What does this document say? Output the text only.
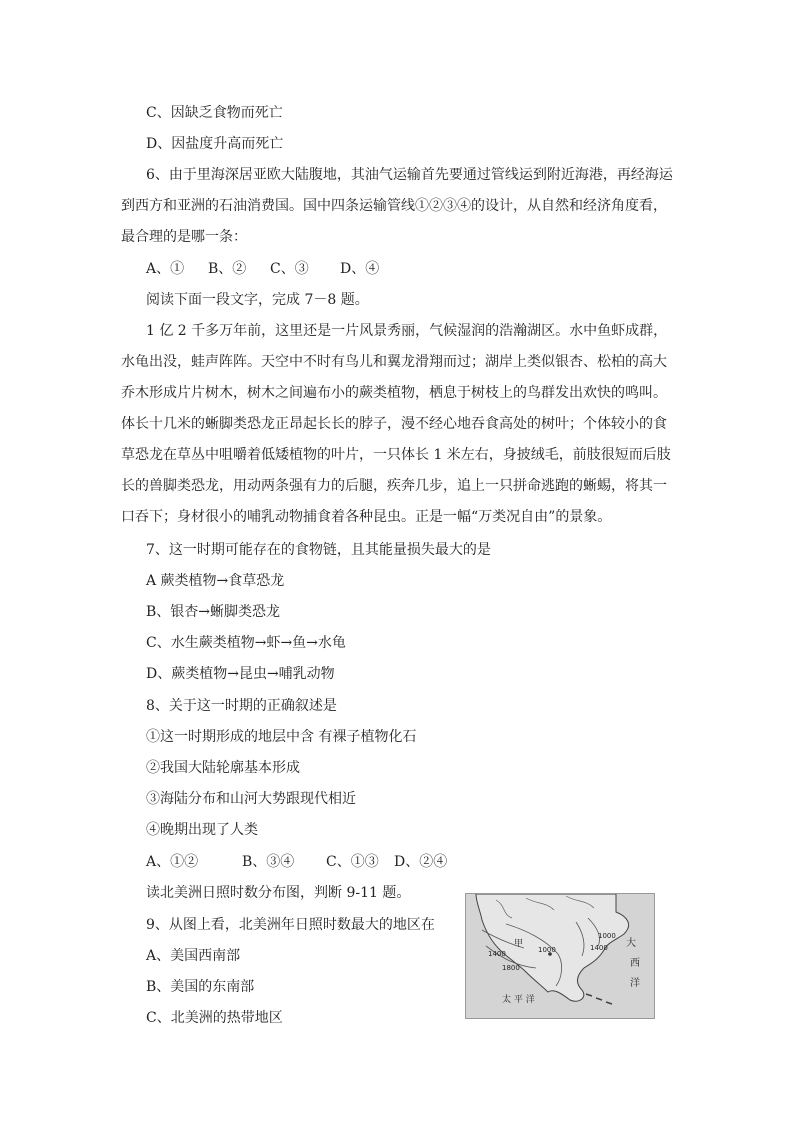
C、因缺乏食物而死亡
D、因盐度升高而死亡
6、由于里海深居亚欧大陆腹地，其油气运输首先要通过管线运到附近海港，再经海运
到西方和亚洲的石油消费国。国中四条运输管线①②③④的设计，从自然和经济角度看，
最合理的是哪一条：
A、① B、② C、③ D、④
阅读下面一段文字，完成 7－8 题。
1 亿 2 千多万年前，这里还是一片风景秀丽，气候湿润的浩瀚湖区。水中鱼虾成群，
水龟出没，蛙声阵阵。天空中不时有鸟儿和翼龙滑翔而过；湖岸上类似银杏、松柏的高大
乔木形成片片树木，树木之间遍布小的蕨类植物，栖息于树枝上的鸟群发出欢快的鸣叫。
体长十几米的蜥脚类恐龙正昂起长长的脖子，漫不经心地吞食高处的树叶；个体较小的食
草恐龙在草丛中咀嚼着低矮植物的叶片，一只体长 1 米左右，身披绒毛，前肢很短而后肢
长的兽脚类恐龙，用动两条强有力的后腿，疾奔几步，追上一只拼命逃跑的蜥蜴，将其一
口吞下；身材很小的哺乳动物捕食着各种昆虫。正是一幅“万类况自由”的景象。
7、这一时期可能存在的食物链，且其能量损失最大的是
A 蕨类植物→食草恐龙
B、银杏→蜥脚类恐龙
C、水生蕨类植物→虾→鱼→水龟
D、蕨类植物→昆虫→哺乳动物
8、关于这一时期的正确叙述是
①这一时期形成的地层中含 有裸子植物化石
②我国大陆轮廓基本形成
③海陆分布和山河大势跟现代相近
④晚期出现了人类
A、①②	B、③④ C、①③ D、②④
读北美洲日照时数分布图，判断 9-11 题。
9、从图上看，北美洲年日照时数最大的地区在
A、美国西南部
B、美国的东南部
C、北美洲的热带地区
甲
1000
1400
1800
1000
1400 大
西
洋
太 平 洋
